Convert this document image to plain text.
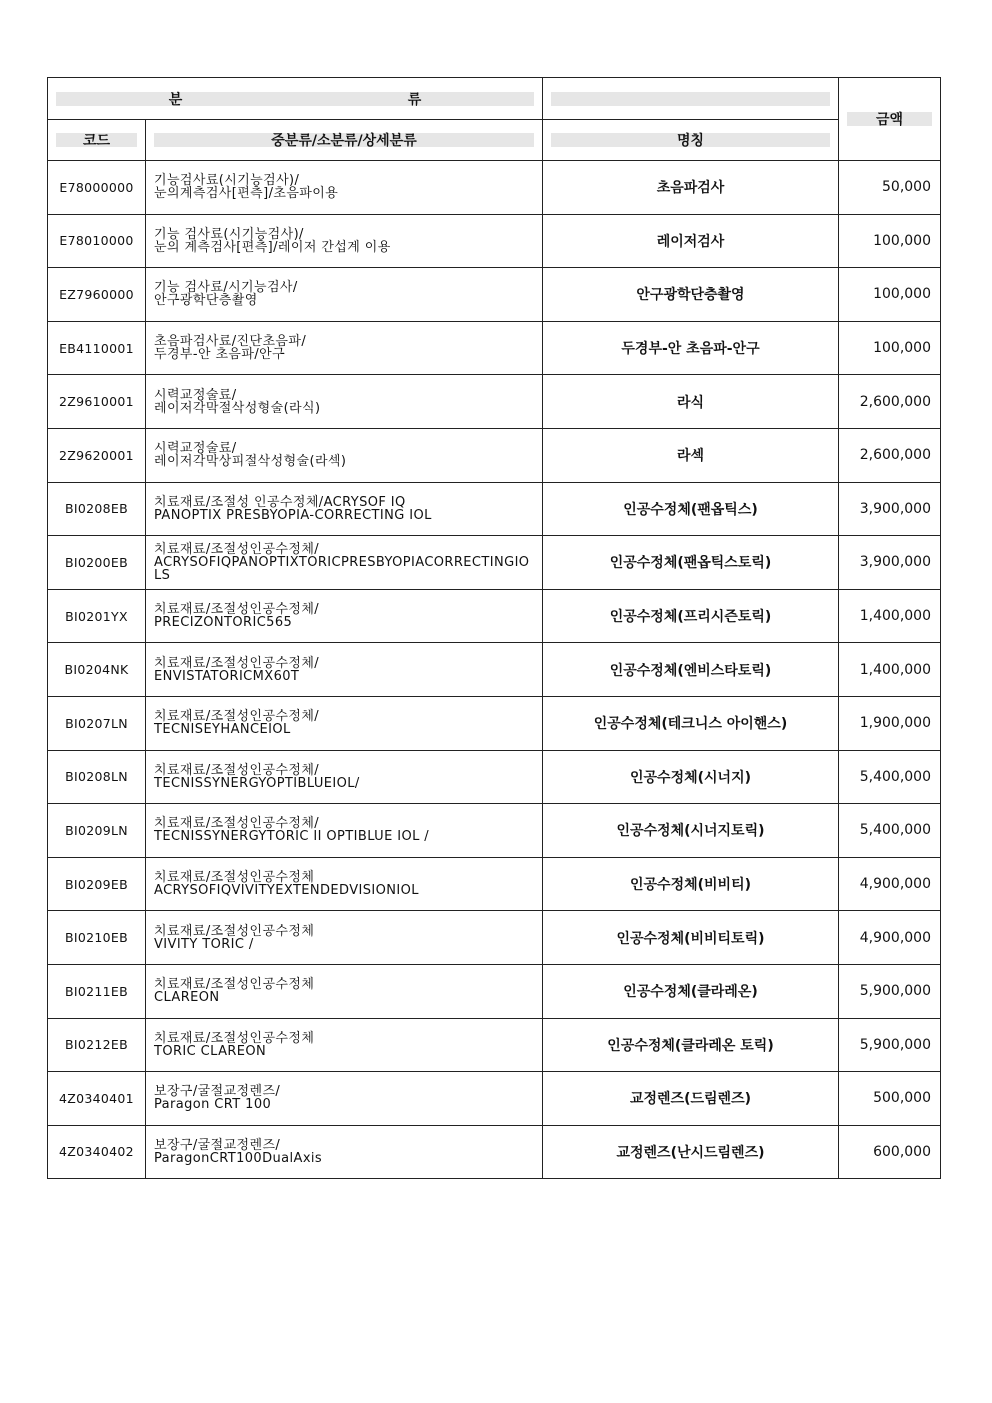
분 류			금액

코드	중분류/소분류/상세분류	명칭	

E78000000	기능검사료(시기능검사)/
눈의계측검사[편측]/초음파이용	초음파검사	50,000
E78010000	기능 검사료(시기능검사)/
눈의 계측검사[편측]/레이저 간섭계 이용	레이저검사	100,000
EZ7960000	기능 검사료/시기능검사/
안구광학단층촬영	안구광학단층촬영	100,000
EB4110001	초음파검사료/진단초음파/
두경부-안 초음파/안구	두경부-안 초음파-안구	100,000
2Z9610001	시력교정술료/
레이저각막절삭성형술(라식)	라식	2,600,000
2Z9620001	시력교정술료/
레이저각막상피절삭성형술(라섹)	라섹	2,600,000
BI0208EB	치료재료/조절성 인공수정체/ACRYSOF IQ
PANOPTIX PRESBYOPIA-CORRECTING IOL	인공수정체(팬옵틱스)	3,900,000
BI0200EB	치료재료/조절성인공수정체/
ACRYSOFIQPANOPTIXTORICPRESBYOPIACORRECTINGIOLS	인공수정체(팬옵틱스토릭)	3,900,000
BI0201YX	치료재료/조절성인공수정체/
PRECIZONTORIC565	인공수정체(프리시즌토릭)	1,400,000
BI0204NK	치료재료/조절성인공수정체/
ENVISTATORICMX60T	인공수정체(엔비스타토릭)	1,400,000
BI0207LN	치료재료/조절성인공수정체/
TECNISEYHANCEIOL	인공수정체(테크니스 아이핸스)	1,900,000
BI0208LN	치료재료/조절성인공수정체/
TECNISSYNERGYOPTIBLUEIOL/	인공수정체(시너지)	5,400,000
BI0209LN	치료재료/조절성인공수정체/
TECNISSYNERGYTORIC II OPTIBLUE IOL /	인공수정체(시너지토릭)	5,400,000
BI0209EB	치료재료/조절성인공수정체
ACRYSOFIQVIVITYEXTENDEDVISIONIOL	인공수정체(비비티)	4,900,000
BI0210EB	치료재료/조절성인공수정체
VIVITY TORIC /	인공수정체(비비티토릭)	4,900,000
BI0211EB	치료재료/조절성인공수정체
CLAREON	인공수정체(클라레온)	5,900,000
BI0212EB	치료재료/조절성인공수정체
TORIC CLAREON	인공수정체(클라레온 토릭)	5,900,000
4Z0340401	보장구/굴절교정렌즈/
Paragon CRT 100	교정렌즈(드림렌즈)	500,000
4Z0340402	보장구/굴절교정렌즈/
ParagonCRT100DualAxis	교정렌즈(난시드림렌즈)	600,000
